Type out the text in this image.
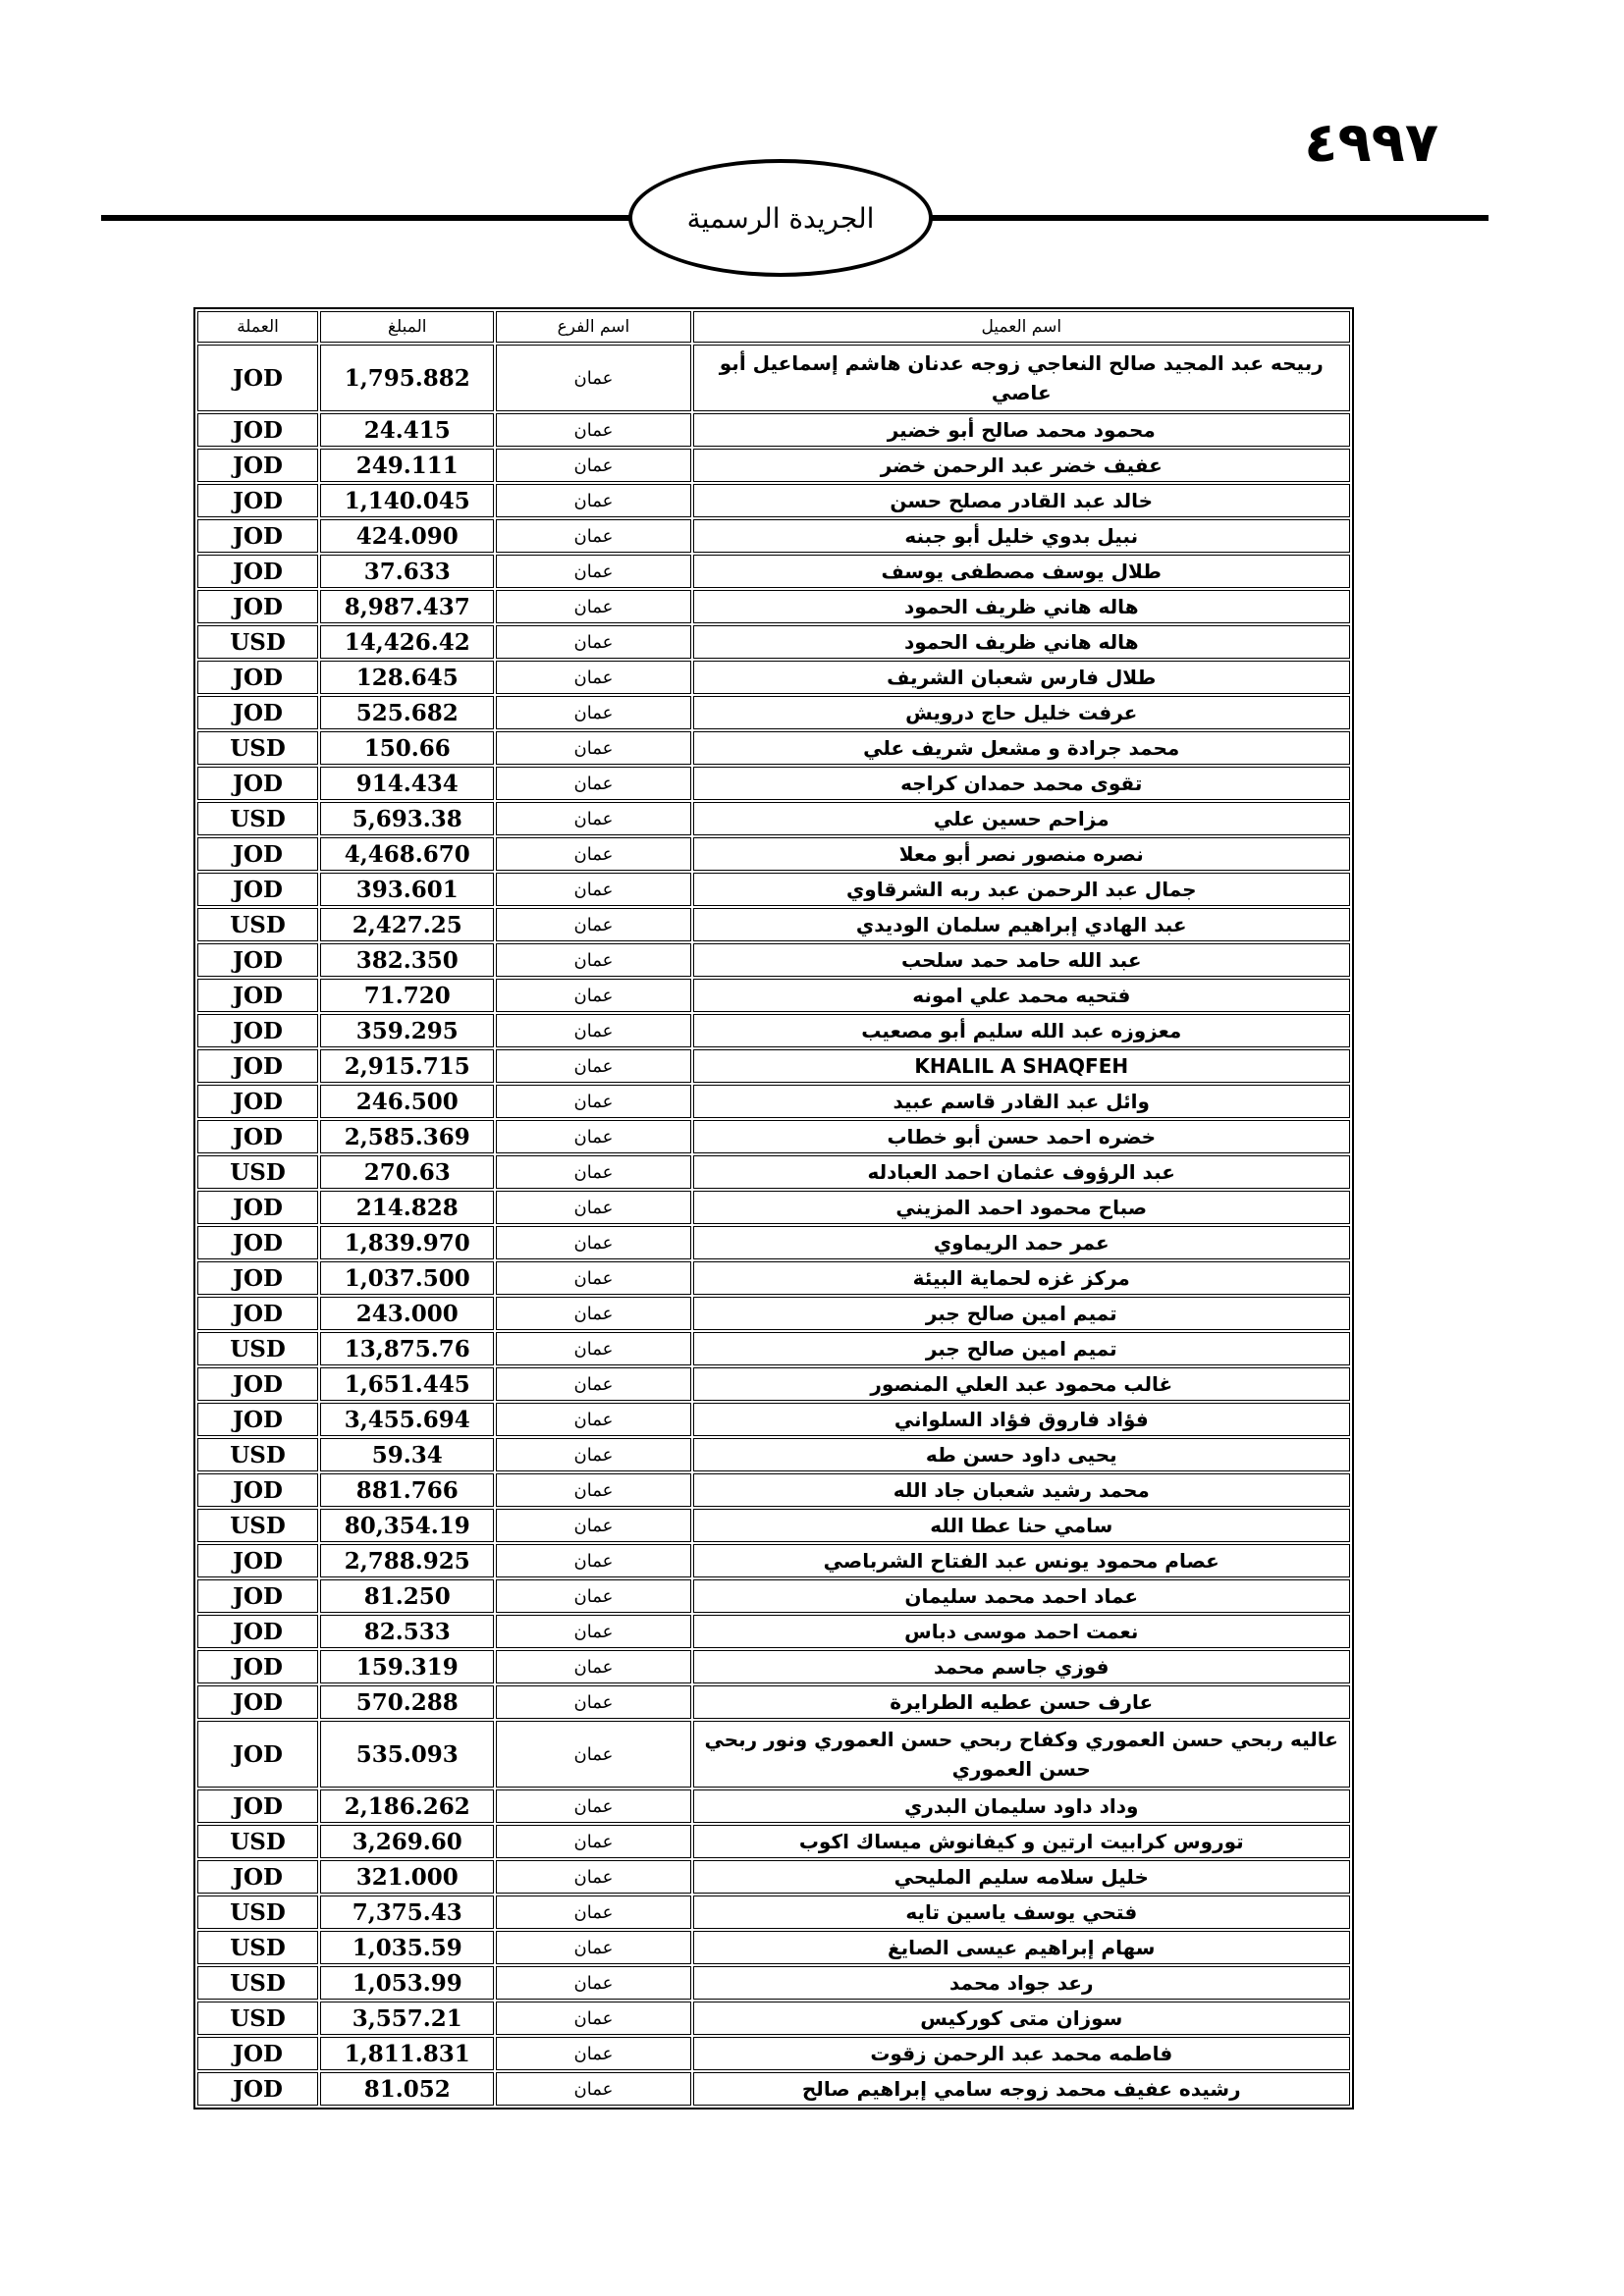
٤٩٩٧
الجريدة الرسمية
اسم العميل	اسم الفرع	المبلغ	العملة
ربيحه عبد المجيد صالح النعاجي زوجه عدنان هاشم إسماعيل أبو عاصي	عمان	1,795.882	JOD
محمود محمد صالح أبو خضير	عمان	24.415	JOD
عفيف خضر عبد الرحمن خضر	عمان	249.111	JOD
خالد عبد القادر مصلح حسن	عمان	1,140.045	JOD
نبيل بدوي خليل أبو جبنه	عمان	424.090	JOD
طلال يوسف مصطفى يوسف	عمان	37.633	JOD
هاله هاني ظريف الحمود	عمان	8,987.437	JOD
هاله هاني ظريف الحمود	عمان	14,426.42	USD
طلال فارس شعبان الشريف	عمان	128.645	JOD
عرفت خليل حاج درويش	عمان	525.682	JOD
محمد جرادة و مشعل شريف علي	عمان	150.66	USD
تقوى محمد حمدان كراجه	عمان	914.434	JOD
مزاحم حسين علي	عمان	5,693.38	USD
نصره منصور نصر أبو معلا	عمان	4,468.670	JOD
جمال عبد الرحمن عبد ربه الشرقاوي	عمان	393.601	JOD
عبد الهادي إبراهيم سلمان الوديدي	عمان	2,427.25	USD
عبد الله حامد حمد سلحب	عمان	382.350	JOD
فتحيه محمد علي امونه	عمان	71.720	JOD
معزوزه عبد الله سليم أبو مصعيب	عمان	359.295	JOD
KHALIL A SHAQFEH	عمان	2,915.715	JOD
وائل عبد القادر قاسم عبيد	عمان	246.500	JOD
خضره احمد حسن أبو خطاب	عمان	2,585.369	JOD
عبد الرؤوف عثمان احمد العبادله	عمان	270.63	USD
صباح محمود احمد المزيني	عمان	214.828	JOD
عمر حمد الريماوي	عمان	1,839.970	JOD
مركز غزه لحماية البيئة	عمان	1,037.500	JOD
تميم امين صالح جبر	عمان	243.000	JOD
تميم امين صالح جبر	عمان	13,875.76	USD
غالب محمود عبد العلي المنصور	عمان	1,651.445	JOD
فؤاد فاروق فؤاد السلواني	عمان	3,455.694	JOD
يحيى داود حسن طه	عمان	59.34	USD
محمد رشيد شعبان جاد الله	عمان	881.766	JOD
سامي حنا عطا الله	عمان	80,354.19	USD
عصام محمود يونس عبد الفتاح الشرباصي	عمان	2,788.925	JOD
عماد احمد محمد سليمان	عمان	81.250	JOD
نعمت احمد موسى دباس	عمان	82.533	JOD
فوزي جاسم محمد	عمان	159.319	JOD
عارف حسن عطيه الطرايرة	عمان	570.288	JOD
عاليه ربحي حسن العموري وكفاح ربحي حسن العموري ونور ربحي حسن العموري	عمان	535.093	JOD
وداد داود سليمان البدري	عمان	2,186.262	JOD
توروس كرابيت ارتين و كيفانوش ميساك اكوب	عمان	3,269.60	USD
خليل سلامه سليم المليحي	عمان	321.000	JOD
فتحي يوسف ياسين تايه	عمان	7,375.43	USD
سهام إبراهيم عيسى الصايغ	عمان	1,035.59	USD
رعد جواد محمد	عمان	1,053.99	USD
سوزان متى كوركيس	عمان	3,557.21	USD
فاطمه محمد عبد الرحمن زقوت	عمان	1,811.831	JOD
رشيده عفيف محمد زوجه سامي إبراهيم صالح	عمان	81.052	JOD
